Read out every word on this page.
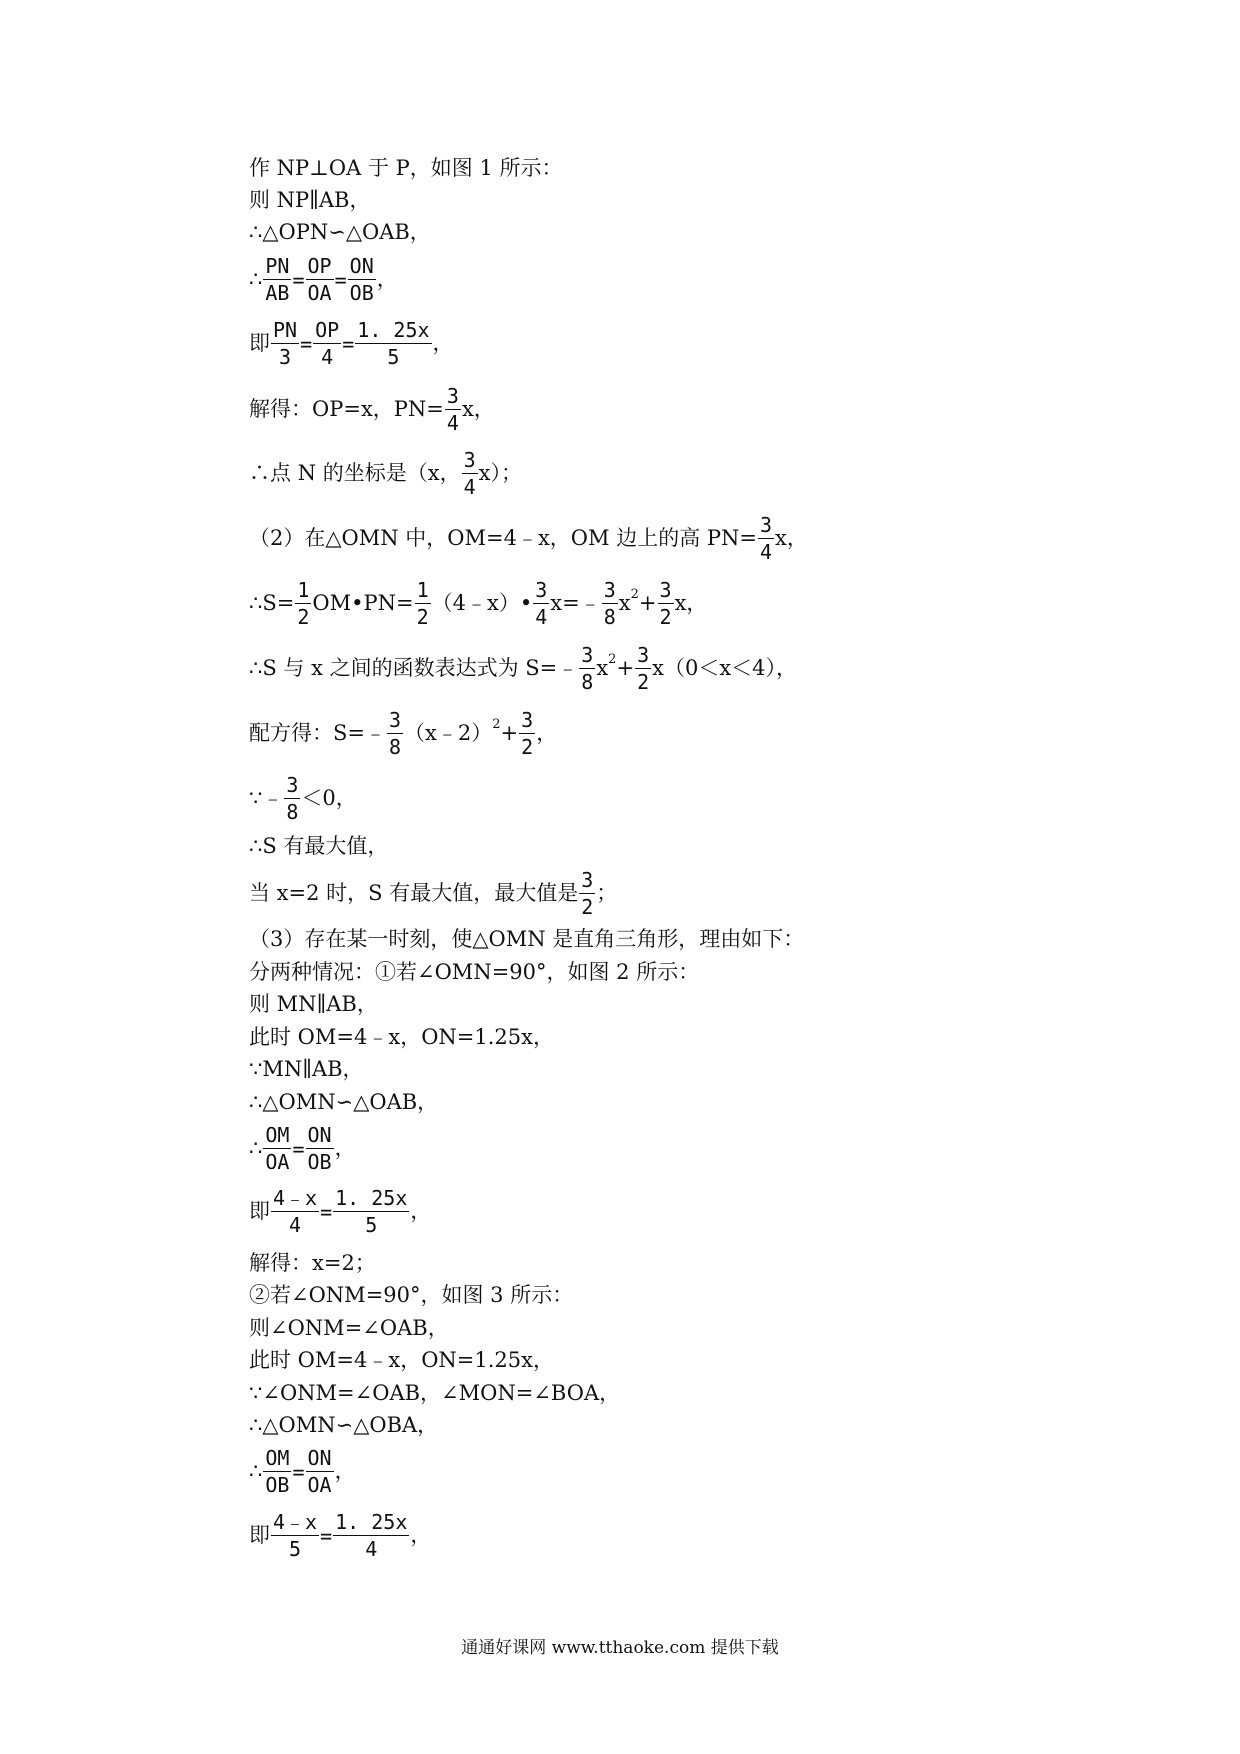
作 NP⊥OA 于 P，如图 1 所示：
则 NP∥AB，
∴△OPN∽△OAB，
∴ $\frac{PN}{AB} = \frac{OP}{OA} = \frac{ON}{OB}$ ，
即 $\frac{PN}{3} = \frac{OP}{4} = \frac{1. 25x}{5}$ ，
解得：OP=x，$PN= \frac{3}{4}$ x，
∴点 N 的坐标是（x， $\frac{3}{4} x$）；
（2）在△OMN 中，OM=4﹣x，OM 边上的高 $PN= \frac{3}{4}$ x，
∴S= $\frac{1}{2}$ OM•PN= $\frac{1}{2}$ （4﹣x）• $\frac{3}{4}$ x=﹣ $\frac{3}{8}$ x $2 + \frac{3}{2}$ x，
∴S 与 x 之间的函数表达式为 S=﹣ $\frac{3}{8}$ x $2 + \frac{3}{2} x(0<x<4)$，
配方得：S=﹣ $\frac{3}{8}$ （x﹣2） $2 + \frac{3}{2}$ ，
∵﹣ $\frac{3}{8} <0$，
∴S 有最大值，
当 x=2 时，S 有最大值，最大值是 $\frac{3}{2}$ ；
（3）存在某一时刻，使△OMN 是直角三角形，理由如下：
分两种情况：①若∠OMN=90°，如图 2 所示：
则 MN∥AB，
此时 OM=4﹣x，ON=1.25x，
∵MN∥AB，
∴△OMN∽△OAB，
∴ $\frac{OM}{OA} = \frac{ON}{OB}$ ，
即 $\frac{4﹣x}{4} = \frac{1. 25x}{5}$ ，
解得：x=2；
②若∠ONM=90°，如图 3 所示：
则∠ONM=∠OAB，
此时 OM=4﹣x，ON=1.25x，
∵∠ONM=∠OAB，∠MON=∠BOA，
∴△OMN∽△OBA，
∴ $\frac{OM}{OB} = \frac{ON}{OA}$ ，
即 $\frac{4﹣x}{5} = \frac{1. 25x}{4}$ ，
通通好课网 www.tthaoke.com 提供下载
